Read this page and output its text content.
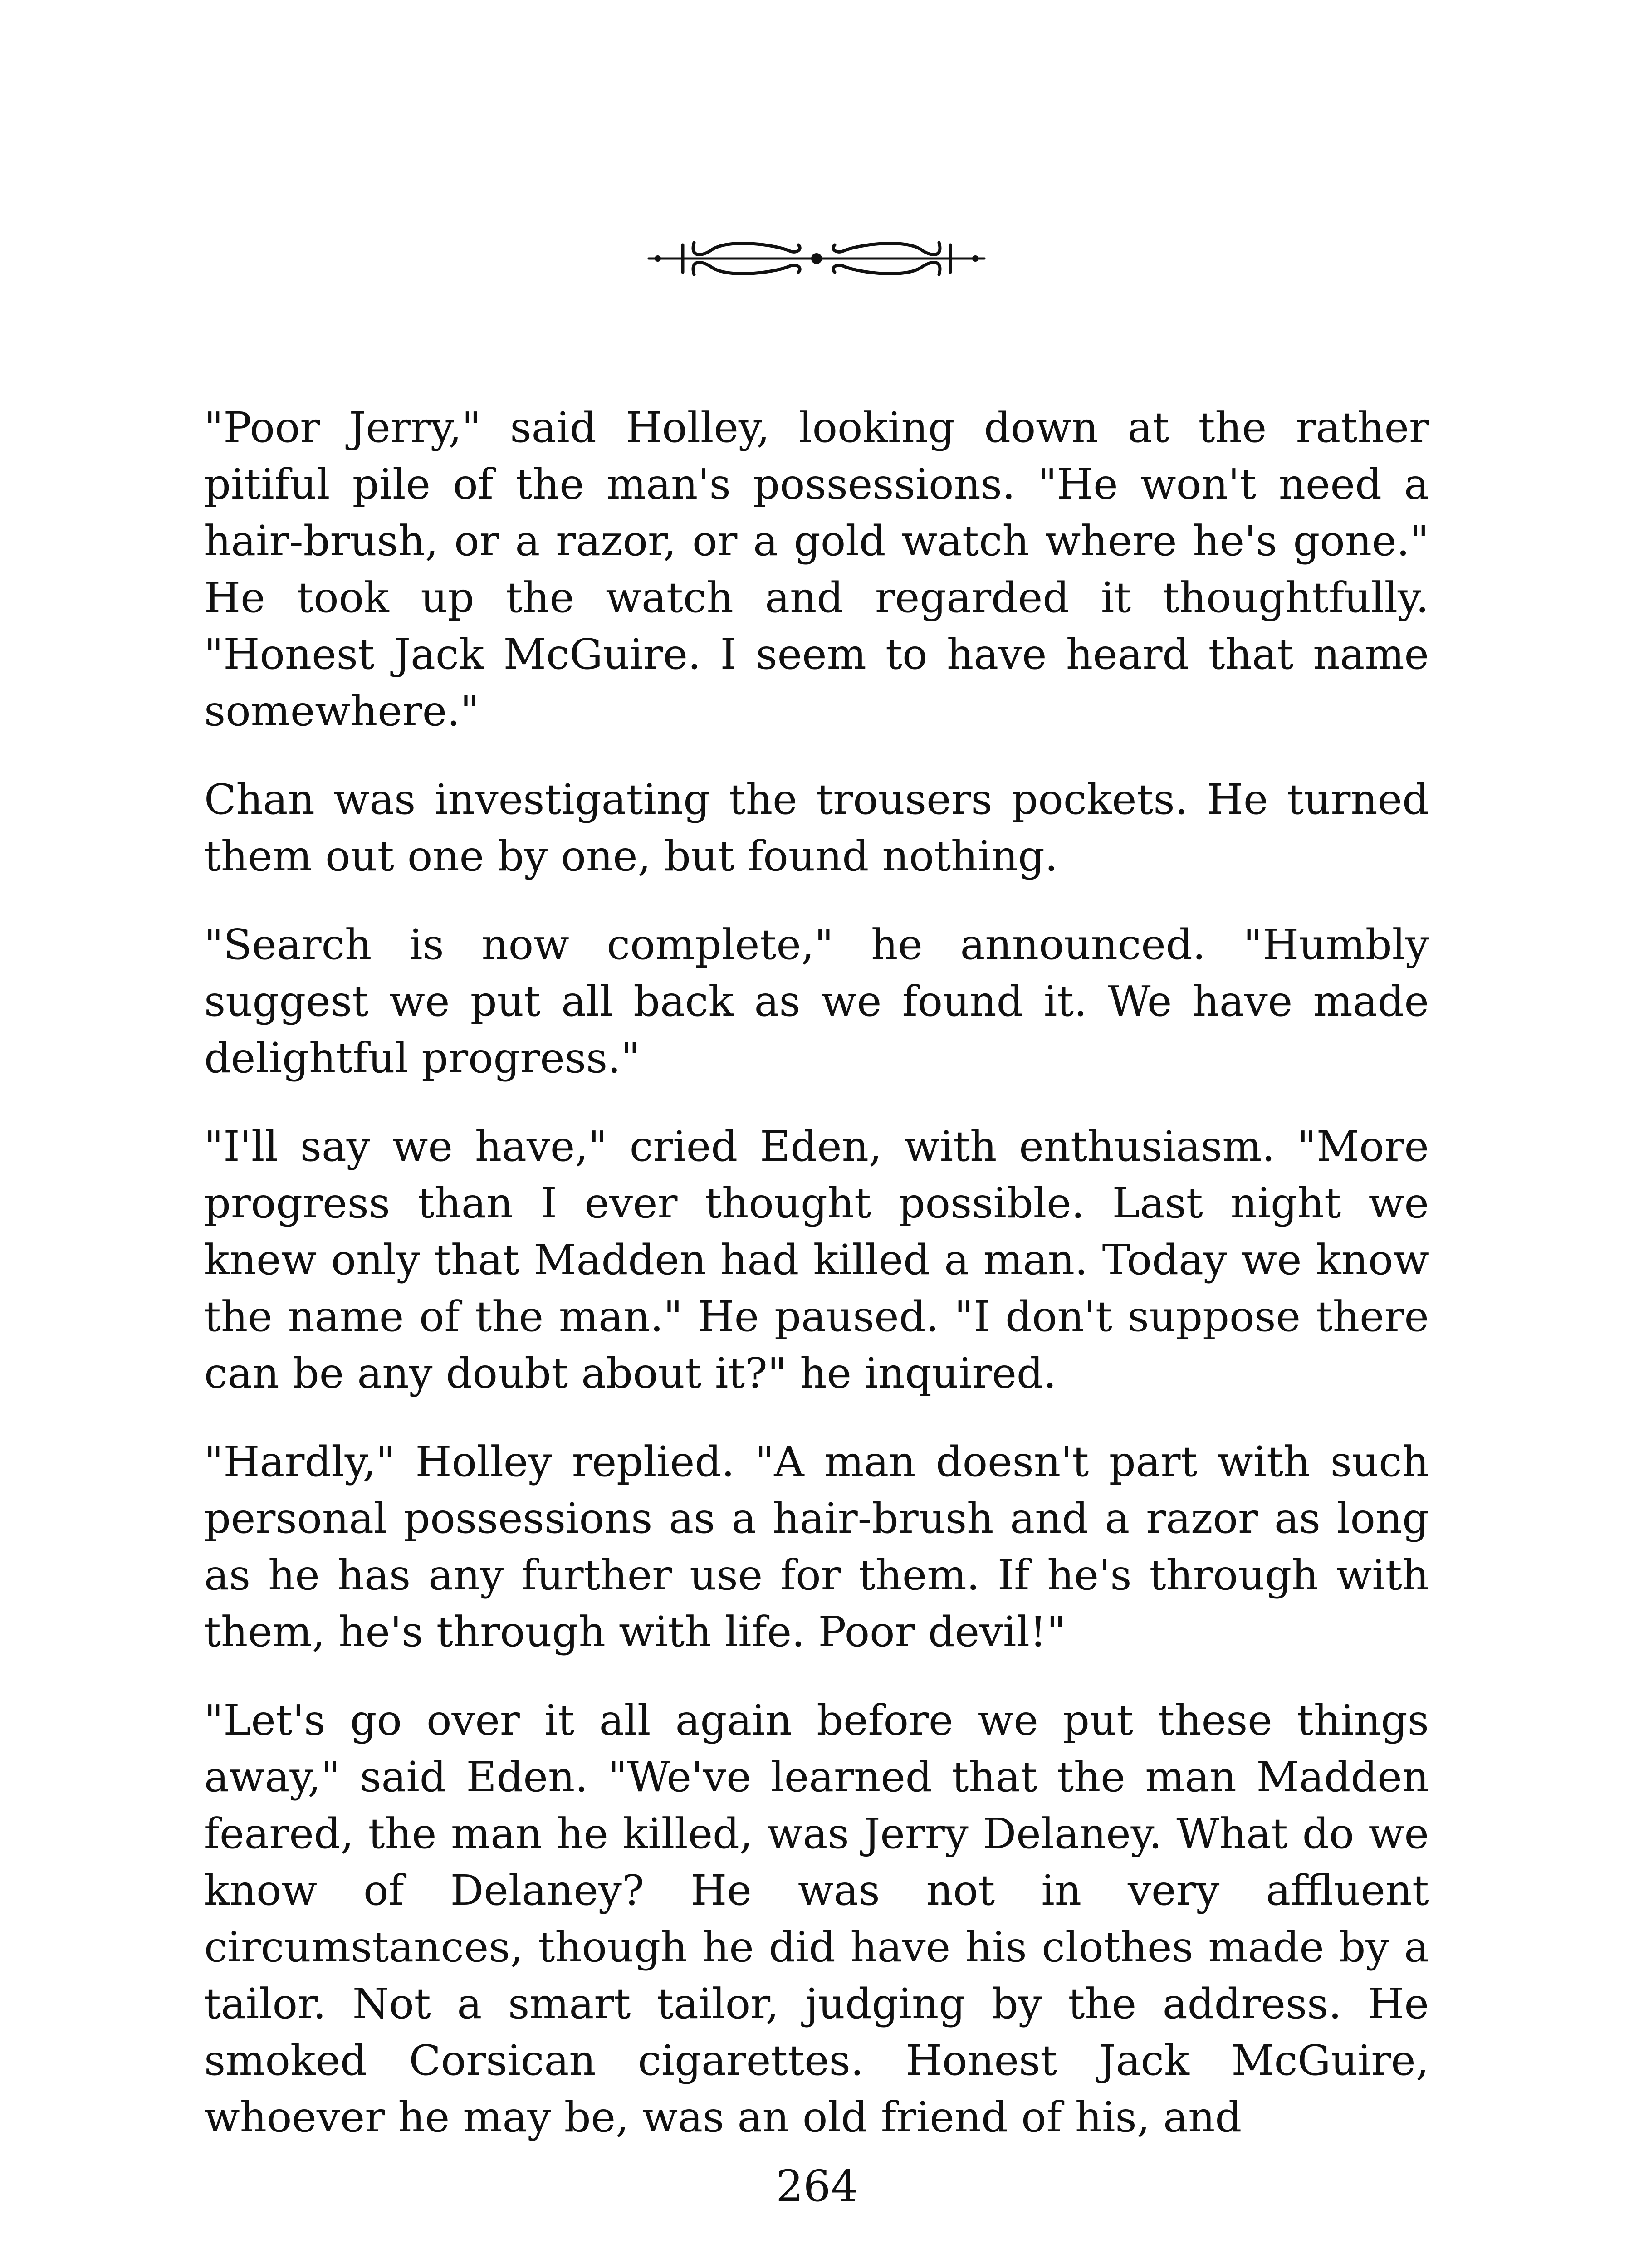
"Poor Jerry," said Holley, looking down at the rather pitiful pile of the man's possessions. "He won't need a hair-brush, or a razor, or a gold watch where he's gone." He took up the watch and regarded it thoughtfully. "Honest Jack McGuire. I seem to have heard that name somewhere."

Chan was investigating the trousers pockets. He turned them out one by one, but found nothing.

"Search is now complete," he announced. "Humbly suggest we put all back as we found it. We have made delightful progress."

"I'll say we have," cried Eden, with enthusiasm. "More progress than I ever thought possible. Last night we knew only that Madden had killed a man. Today we know the name of the man." He paused. "I don't suppose there can be any doubt about it?" he inquired.

"Hardly," Holley replied. "A man doesn't part with such personal possessions as a hair-brush and a razor as long as he has any further use for them. If he's through with them, he's through with life. Poor devil!"

"Let's go over it all again before we put these things away," said Eden. "We've learned that the man Madden feared, the man he killed, was Jerry Delaney. What do we know of Delaney? He was not in very affluent circumstances, though he did have his clothes made by a tailor. Not a smart tailor, judging by the address. He smoked Corsican cigarettes. Honest Jack McGuire, whoever he may be, was an old friend of his, and

264
